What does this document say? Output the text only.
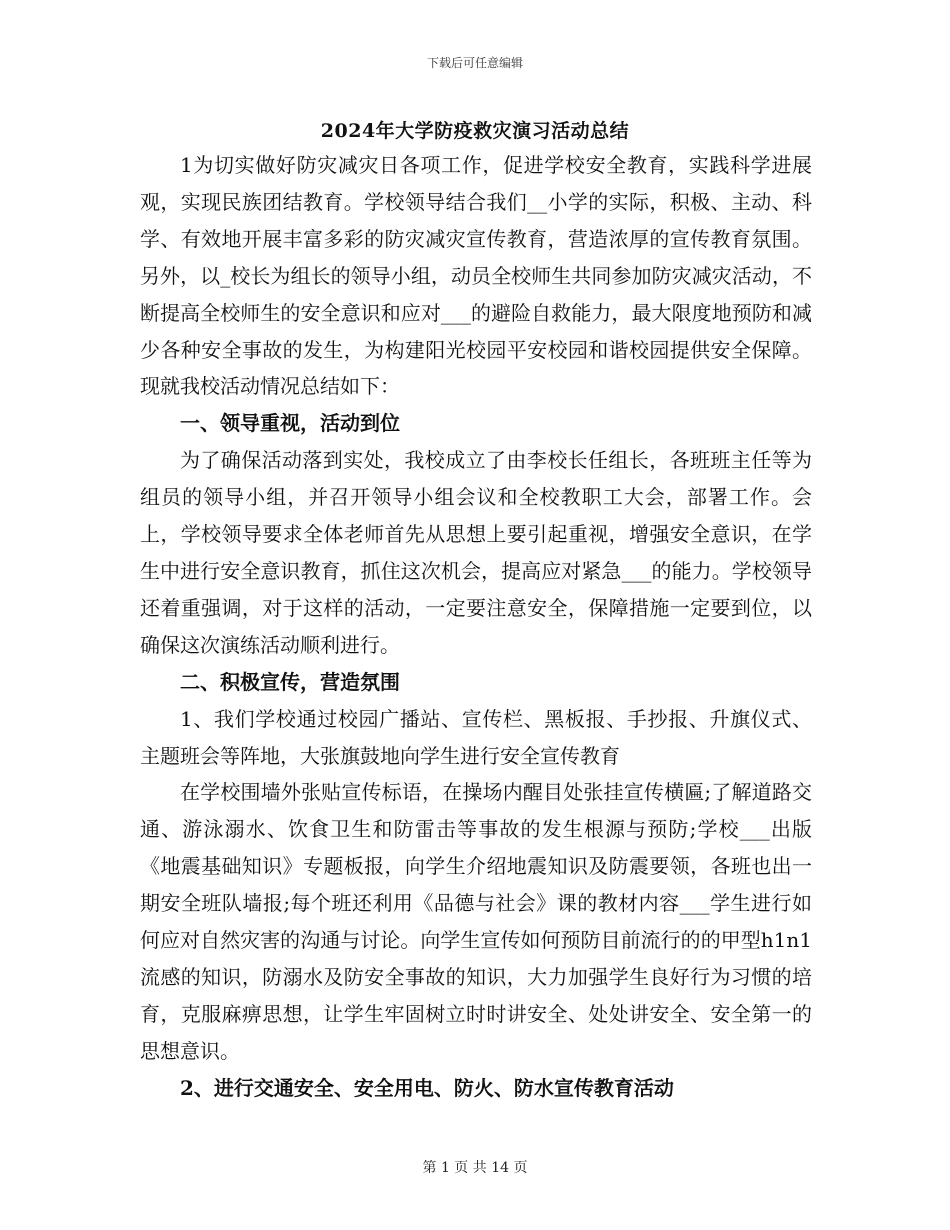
下载后可任意编辑
2024年大学防疫救灾演习活动总结

1为切实做好防灾减灾日各项工作，促进学校安全教育，实践科学进展观，实现民族团结教育。学校领导结合我们__小学的实际，积极、主动、科学、有效地开展丰富多彩的防灾减灾宣传教育，营造浓厚的宣传教育氛围。另外，以_校长为组长的领导小组，动员全校师生共同参加防灾减灾活动，不断提高全校师生的安全意识和应对___的避险自救能力，最大限度地预防和减少各种安全事故的发生，为构建阳光校园平安校园和谐校园提供安全保障。现就我校活动情况总结如下：

一、领导重视，活动到位

为了确保活动落到实处，我校成立了由李校长任组长，各班班主任等为组员的领导小组，并召开领导小组会议和全校教职工大会，部署工作。会上，学校领导要求全体老师首先从思想上要引起重视，增强安全意识，在学生中进行安全意识教育，抓住这次机会，提高应对紧急___的能力。学校领导还着重强调，对于这样的活动，一定要注意安全，保障措施一定要到位，以确保这次演练活动顺利进行。

二、积极宣传，营造氛围

1、我们学校通过校园广播站、宣传栏、黑板报、手抄报、升旗仪式、主题班会等阵地，大张旗鼓地向学生进行安全宣传教育

在学校围墙外张贴宣传标语，在操场内醒目处张挂宣传横匾;了解道路交通、游泳溺水、饮食卫生和防雷击等事故的发生根源与预防;学校___出版《地震基础知识》专题板报，向学生介绍地震知识及防震要领，各班也出一期安全班队墙报;每个班还利用《品德与社会》课的教材内容___学生进行如何应对自然灾害的沟通与讨论。向学生宣传如何预防目前流行的的甲型h1n1流感的知识，防溺水及防安全事故的知识，大力加强学生良好行为习惯的培育，克服麻痹思想，让学生牢固树立时时讲安全、处处讲安全、安全第一的思想意识。

2、进行交通安全、安全用电、防火、防水宣传教育活动

第 1 页 共 14 页
